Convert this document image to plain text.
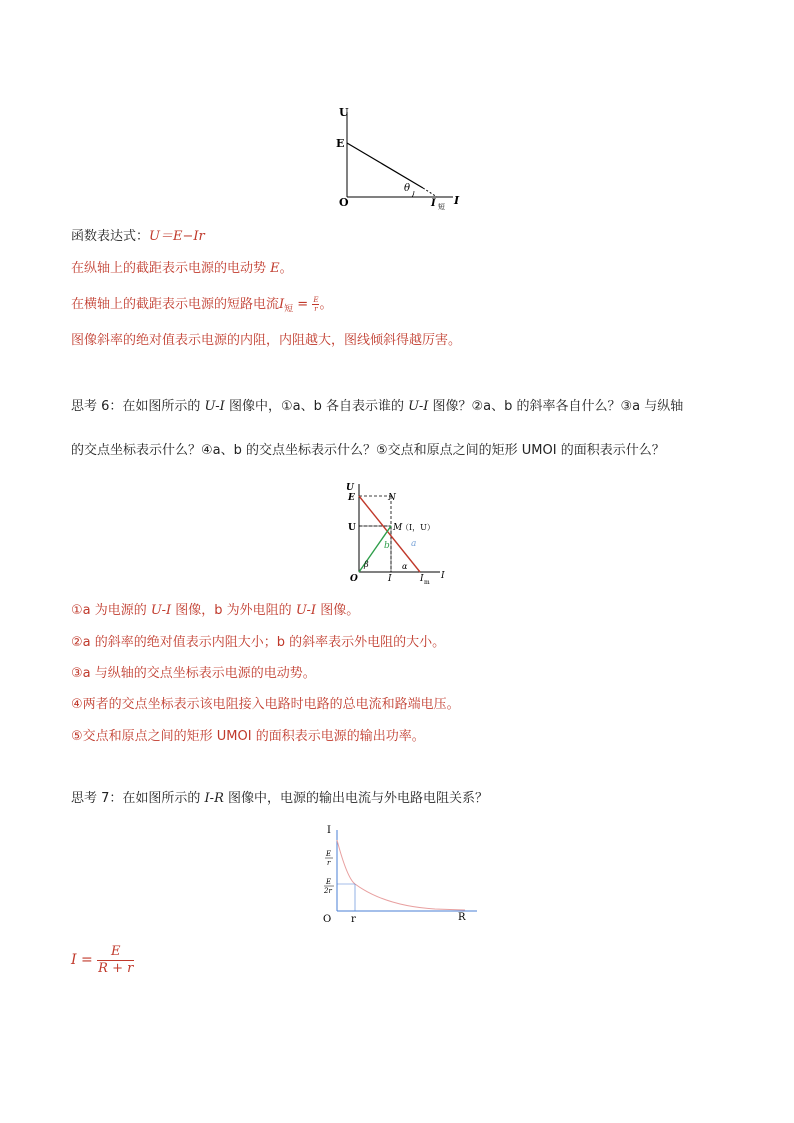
U
E
O
θ
I 短 I
函数表达式：U＝E−Ir
在纵轴上的截距表示电源的电动势 E。
在横轴上的截距表示电源的短路电流$I_短 = \frac{E}{r}$ 。
图像斜率的绝对值表示电源的内阻，内阻越大，图线倾斜得越厉害。
思考 6：在如图所示的 U-I 图像中，①a、b 各自表示谁的 U-I 图像？②a、b 的斜率各自什么？③a 与纵轴
的交点坐标表示什么？④a、b 的交点坐标表示什么？⑤交点和原点之间的矩形 UMOI 的面积表示什么？
U
E	N
U	M
（I，U）
a
b
β	α
O	I	I m
I
①a 为电源的 U-I 图像，b 为外电阻的 U-I 图像。
②a 的斜率的绝对值表示内阻大小；b 的斜率表示外电阻的大小。
③a 与纵轴的交点坐标表示电源的电动势。
④两者的交点坐标表示该电阻接入电路时电路的总电流和路端电压。
⑤交点和原点之间的矩形 UMOI 的面积表示电源的输出功率。
思考 7：在如图所示的 I-R 图像中，电源的输出电流与外电路电阻关系？
I
E
r
E
2r
O r	R
$I = \frac{E}{R + r}$
